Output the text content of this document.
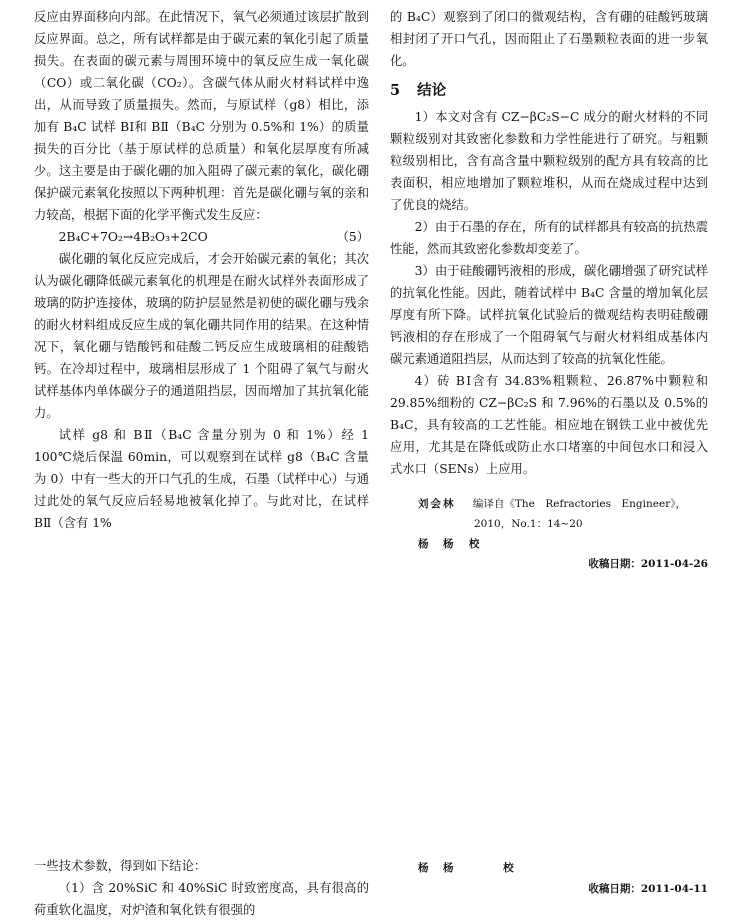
反应由界面移向内部。在此情况下，氧气必须通过该层扩散到反应界面。总之，所有试样都是由于碳元素的氧化引起了质量损失。在表面的碳元素与周围环境中的氧反应生成一氧化碳（CO）或二氧化碳（CO₂）。含碳气体从耐火材料试样中逸出，从而导致了质量损失。然而，与原试样（g8）相比，添加有 B₄C 试样 BⅠ和 BⅡ（B₄C 分别为 0.5%和 1%）的质量损失的百分比（基于原试样的总质量）和氧化层厚度有所减少。这主要是由于碳化硼的加入阻碍了碳元素的氧化，碳化硼保护碳元素氧化按照以下两种机理：首先是碳化硼与氧的亲和力较高，根据下面的化学平衡式发生反应：

2B₄C+7O₂→4B₂O₃+2CO	（5）

碳化硼的氧化反应完成后，才会开始碳元素的氧化；其次认为碳化硼降低碳元素氧化的机理是在耐火试样外表面形成了玻璃的防护连接体，玻璃的防护层显然是初使的碳化硼与残余的耐火材料组成反应生成的氧化硼共同作用的结果。在这种情况下，氧化硼与锆酸钙和硅酸二钙反应生成玻璃相的硅酸锆钙。在冷却过程中，玻璃相层形成了 1 个阻碍了氧气与耐火试样基体内单体碳分子的通道阻挡层，因而增加了其抗氧化能力。

试样 g8 和 BⅡ（B₄C 含量分别为 0 和 1%）经 1 100℃烧后保温 60min，可以观察到在试样 g8（B₄C 含量为 0）中有一些大的开口气孔的生成，石墨（试样中心）与通过此处的氧气反应后轻易地被氧化掉了。与此对比，在试样 BⅡ（含有 1%

的 B₄C）观察到了闭口的微观结构，含有硼的硅酸钙玻璃相封闭了开口气孔，因而阻止了石墨颗粒表面的进一步氧化。

5 结论

1）本文对含有 CZ−βC₂S−C 成分的耐火材料的不同颗粒级别对其致密化参数和力学性能进行了研究。与粗颗粒级别相比，含有高含量中颗粒级别的配方具有较高的比表面积，相应地增加了颗粒堆积，从而在烧成过程中达到了优良的烧结。

2）由于石墨的存在，所有的试样都具有较高的抗热震性能，然而其致密化参数却变差了。

3）由于硅酸硼钙液相的形成，碳化硼增强了研究试样的抗氧化性能。因此，随着试样中 B₄C 含量的增加氧化层厚度有所下降。试样抗氧化试验后的微观结构表明硅酸硼钙液相的存在形成了一个阻碍氧气与耐火材料组成基体内碳元素通道阻挡层，从而达到了较高的抗氧化性能。

4）砖 BⅠ含有 34.83%粗颗粒、26.87%中颗粒和 29.85%细粉的 CZ−βC₂S 和 7.96%的石墨以及 0.5%的 B₄C，具有较高的工艺性能。相应地在钢铁工业中被优先应用，尤其是在降低或防止水口堵塞的中间包水口和浸入式水口（SENs）上应用。

刘会林 编译自《The　Refractories　Engineer》，
2010，No.1：14~20
杨　杨 校
收稿日期：2011-04-26

一些技术参数，得到如下结论：

（1）含 20%SiC 和 40%SiC 时致密度高，具有很高的荷重软化温度，对炉渣和氧化铁有很强的

杨　杨	校
收稿日期：2011-04-11
